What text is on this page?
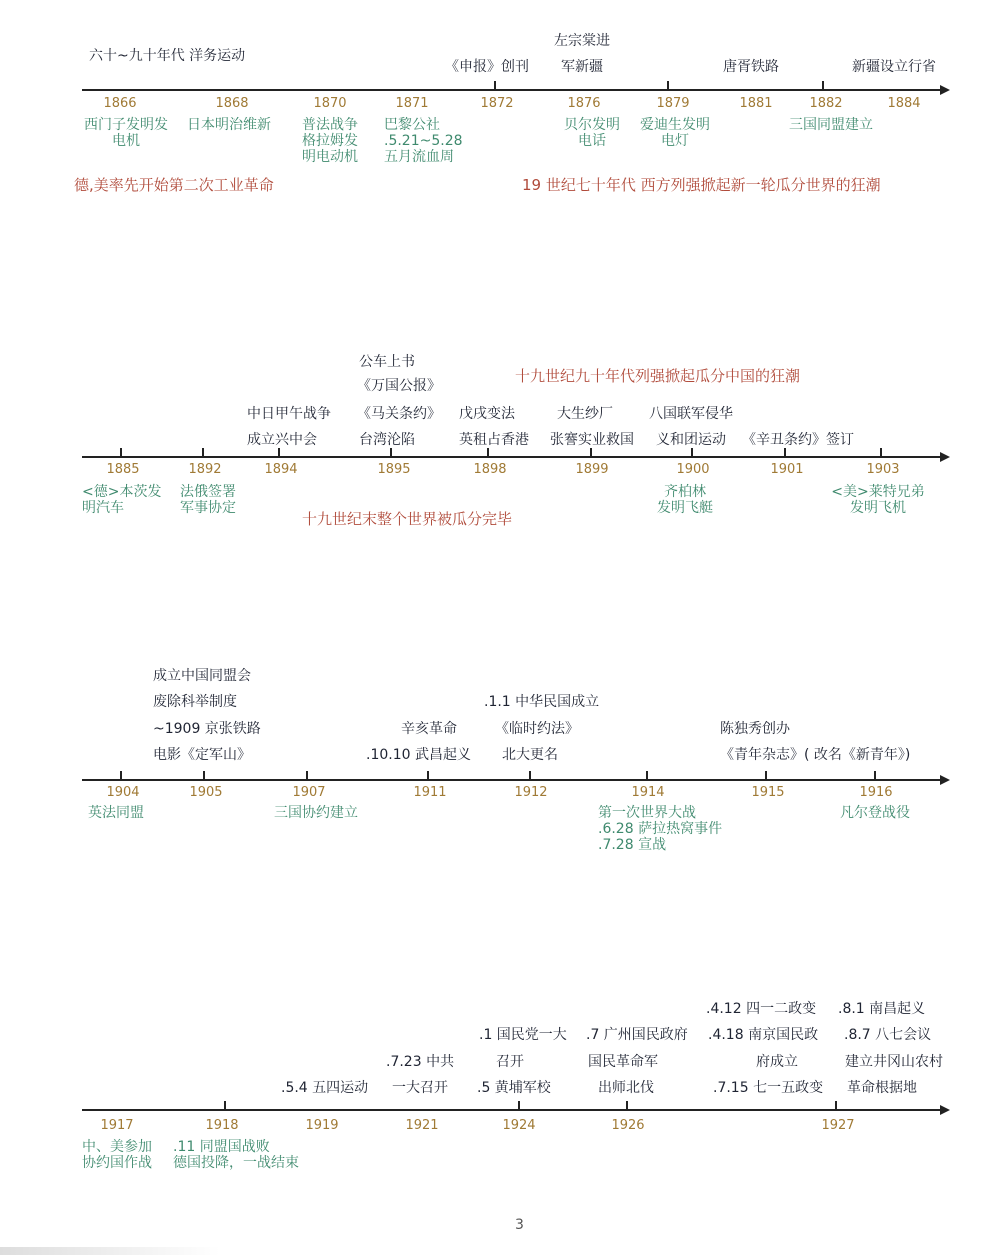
1866	1868	1870	1871	1872	1876	1879	1881	1882	1884
六十~九十年代 洋务运动
《申报》创刊
左宗棠进
军新疆	唐胥铁路	新疆设立行省
西门子发明发
电机
日本明治维新 普法战争
格拉姆发
明电动机
巴黎公社
.5.21~5.28
五月流血周
贝尔发明
电话
爱迪生发明
电灯
三国同盟建立
德,美率先开始第二次工业革命	19 世纪七十年代 西方列强掀起新一轮瓜分世界的狂潮
1885	1892	1894	1895	1898	1899	1900	1901	1903
中日甲午战争
成立兴中会
公车上书
《万国公报》
《马关条约》
台湾沦陷
戊戌变法
英租占香港
大生纱厂
张謇实业救国
八国联军侵华
义和团运动 《辛丑条约》签订
十九世纪九十年代列强掀起瓜分中国的狂潮
<德>本茨发
明汽车
法俄签署
军事协定
齐柏林
发明飞艇
<美>莱特兄弟
发明飞机
十九世纪末整个世界被瓜分完毕
1904	1905	1907	1911	1912	1914	1915	1916
成立中国同盟会
废除科举制度
~1909 京张铁路
电影《定军山》
辛亥革命
.10.10 武昌起义
.1.1 中华民国成立
《临时约法》
北大更名
陈独秀创办
《青年杂志》( 改名《新青年》)
英法同盟	三国协约建立	第一次世界大战
.6.28 萨拉热窝事件
.7.28 宣战
凡尔登战役
1917	1918	1919	1921	1924	1926	1927
.5.4 五四运动
.7.23 中共
一大召开
.1 国民党一大
召开
.5 黄埔军校
.7 广州国民政府
国民革命军
出师北伐
.4.12 四一二政变
.4.18 南京国民政
府成立
.7.15 七一五政变
.8.1 南昌起义
.8.7 八七会议
建立井冈山农村
革命根据地
中、美参加
协约国作战
.11 同盟国战败
德国投降，一战结束
3
